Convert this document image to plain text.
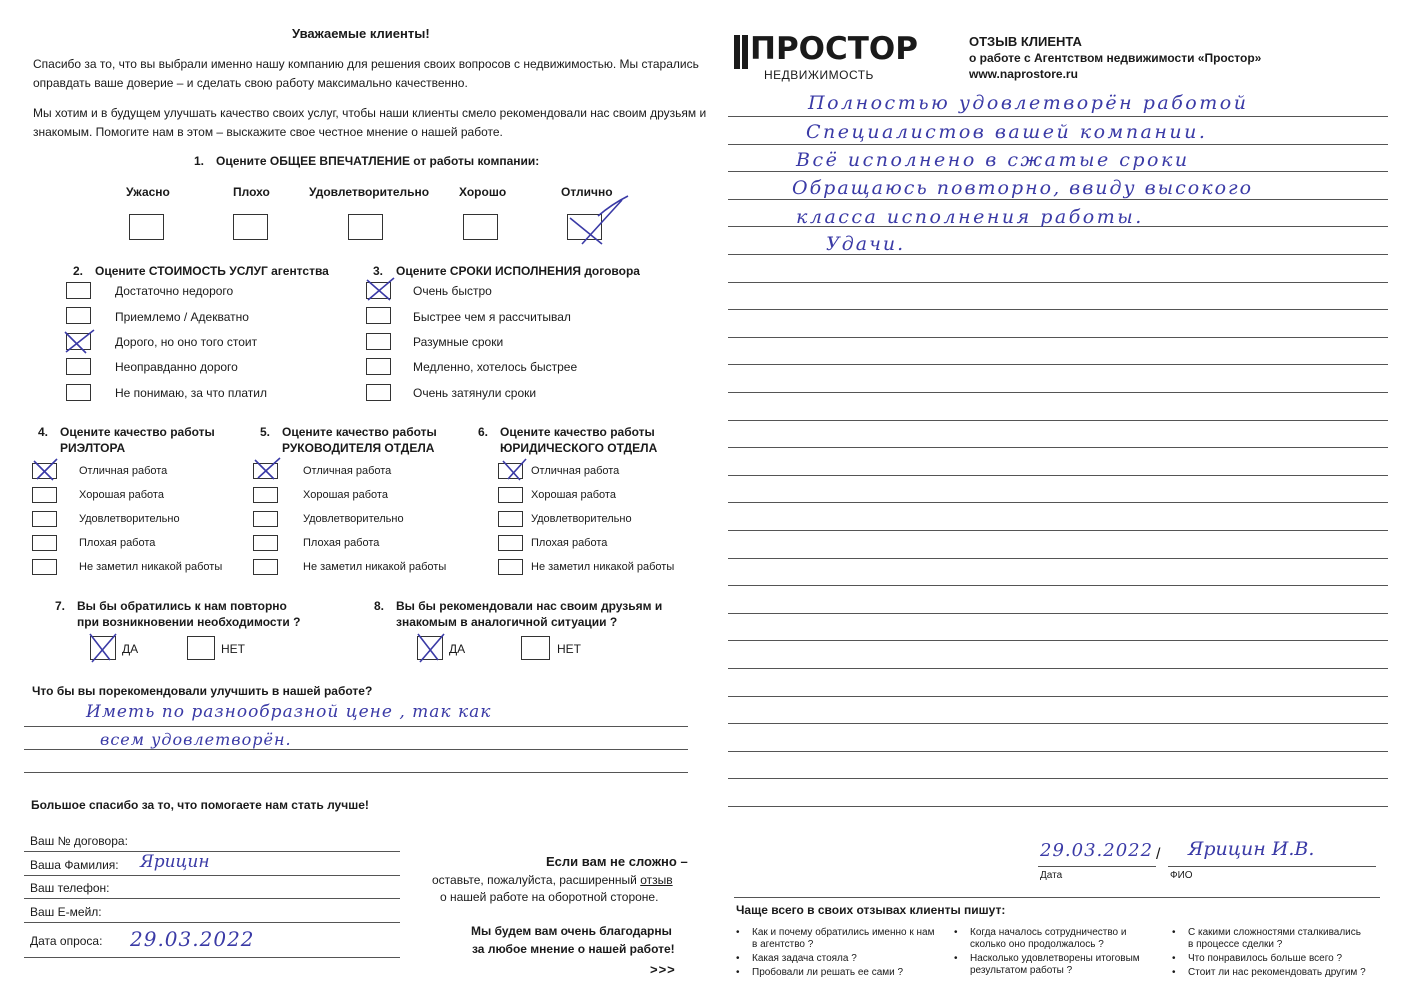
Уважаемые клиенты!
Спасибо за то, что вы выбрали именно нашу компанию для решения своих вопросов с недвижимостью. Мы старались
оправдать ваше доверие – и сделать свою работу максимально качественно.
Мы хотим и в будущем улучшать качество своих услуг, чтобы наши клиенты смело рекомендовали нас своим друзьям и
знакомым. Помогите нам в этом – выскажите свое честное мнение о нашей работе.
1. Оцените ОБЩЕЕ ВПЕЧАТЛЕНИЕ от работы компании:
Ужасно	Плохо	Удовлетворительно Хорошо	Отлично
2. Оцените СТОИМОСТЬ УСЛУГ агентства
Достаточно недорого
Приемлемо / Адекватно
Дорого, но оно того стоит
Неоправданно дорого
Не понимаю, за что платил
3. Оцените СРОКИ ИСПОЛНЕНИЯ договора
Очень быстро
Быстрее чем я рассчитывал
Разумные сроки
Медленно, хотелось быстрее
Очень затянули сроки
4. Оцените качество работы
РИЭЛТОРА
Отличная работа
Хорошая работа
Удовлетворительно
Плохая работа
Не заметил никакой работы
5. Оцените качество работы
РУКОВОДИТЕЛЯ ОТДЕЛА
Отличная работа
Хорошая работа
Удовлетворительно
Плохая работа
Не заметил никакой работы
6. Оцените качество работы
ЮРИДИЧЕСКОГО ОТДЕЛА
Отличная работа
Хорошая работа
Удовлетворительно
Плохая работа
Не заметил никакой работы
7. Вы бы обратились к нам повторно
при возникновении необходимости ?
ДА	НЕТ
8. Вы бы рекомендовали нас своим друзьям и
знакомым в аналогичной ситуации ?
ДА	НЕТ
Что бы вы порекомендовали улучшить в нашей работе?
Иметь по разнообразной цене , так как
всем удовлетворён.
Большое спасибо за то, что помогаете нам стать лучше!
Ваш № договора:
Ваша Фамилия: Ярицин
Ваш телефон:
Ваш Е-мейл:
Дата опроса: 29.03.2022
Если вам не сложно –
оставьте, пожалуйста, расширенный отзыв
о нашей работе на оборотной стороне.
Мы будем вам очень благодарны
за любое мнение о нашей работе!
>>>
ПРОСТОР
НЕДВИЖИМОСТЬ
ОТЗЫВ КЛИЕНТА
о работе с Агентством недвижимости «Простор»
www.naprostore.ru
Полностью удовлетворён работой
Специалистов вашей компании.
Всё исполнено в сжатые сроки
Обращаюсь повторно, ввиду высокого
класса исполнения работы.
Удачи.
29.03.2022 / Ярицин И.В.
Дата	ФИО
Чаще всего в своих отзывах клиенты пишут:
• Как и почему обратились именно к нам в агентство ?
• Какая задача стояла ?
• Пробовали ли решать ее сами ?
• Когда началось сотрудничество и сколько оно продолжалось ?
• Насколько удовлетворены итоговым результатом работы ?
• С какими сложностями сталкивались в процессе сделки ?
• Что понравилось больше всего ?
• Стоит ли нас рекомендовать другим ?
